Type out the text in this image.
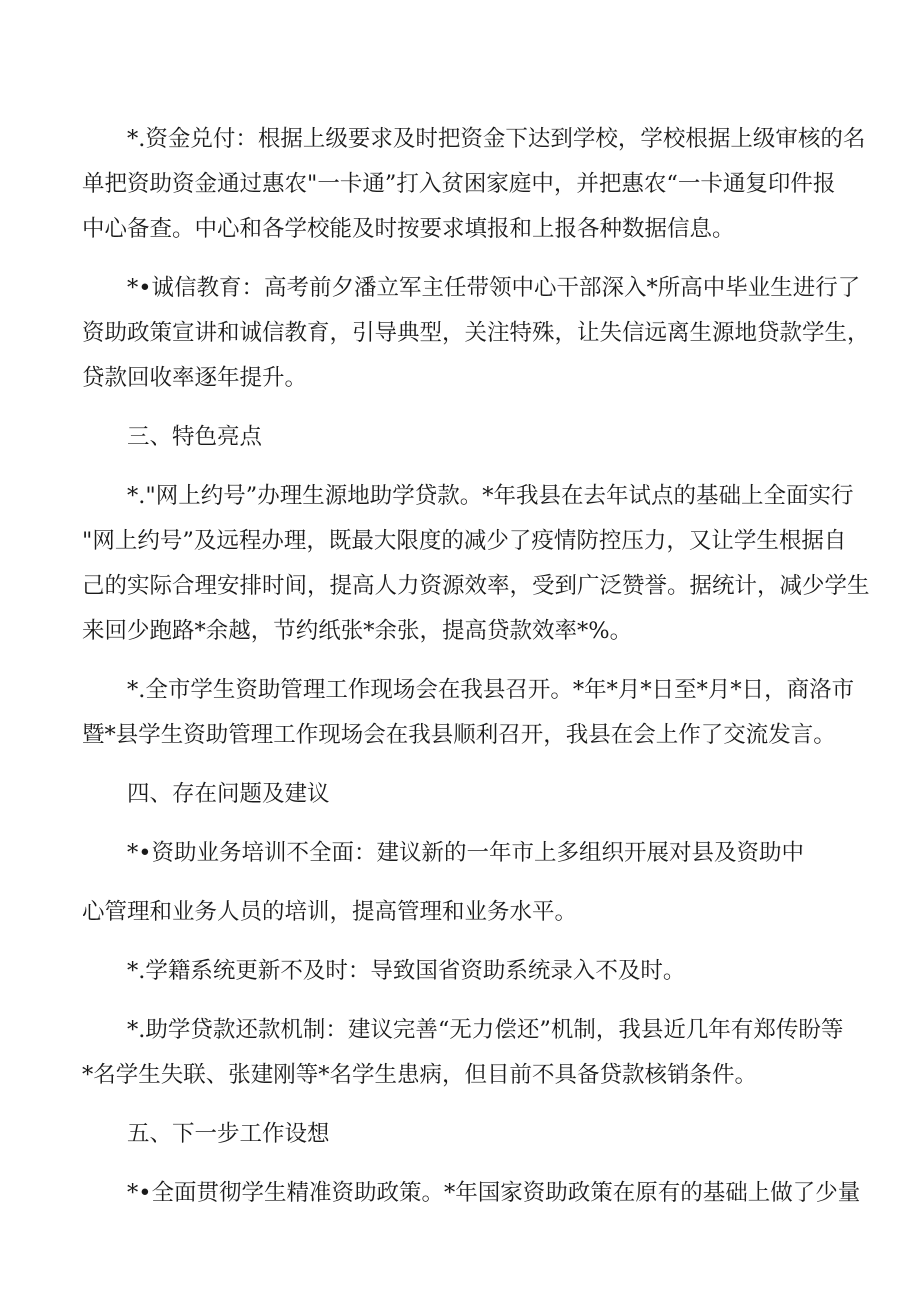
*.资金兑付：根据上级要求及时把资金下达到学校，学校根据上级审核的名
单把资助资金通过惠农"一卡通”打入贫困家庭中，并把惠农“一卡通复印件报
中心备查。中心和各学校能及时按要求填报和上报各种数据信息。
*•诚信教育：高考前夕潘立军主任带领中心干部深入*所高中毕业生进行了
资助政策宣讲和诚信教育，引导典型，关注特殊，让失信远离生源地贷款学生，
贷款回收率逐年提升。
三、特色亮点
*."网上约号”办理生源地助学贷款。*年我县在去年试点的基础上全面实行
"网上约号”及远程办理，既最大限度的减少了疫情防控压力，又让学生根据自
己的实际合理安排时间，提高人力资源效率，受到广泛赞誉。据统计，减少学生
来回少跑路*余越，节约纸张*余张，提高贷款效率*%。
*.全市学生资助管理工作现场会在我县召开。*年*月*日至*月*日，商洛市
暨*县学生资助管理工作现场会在我县顺利召开，我县在会上作了交流发言。
四、存在问题及建议
*•资助业务培训不全面：建议新的一年市上多组织开展对县及资助中
心管理和业务人员的培训，提高管理和业务水平。
*.学籍系统更新不及时：导致国省资助系统录入不及时。
*.助学贷款还款机制：建议完善“无力偿还”机制，我县近几年有郑传盼等
*名学生失联、张建刚等*名学生患病，但目前不具备贷款核销条件。
五、下一步工作设想
*•全面贯彻学生精准资助政策。*年国家资助政策在原有的基础上做了少量
